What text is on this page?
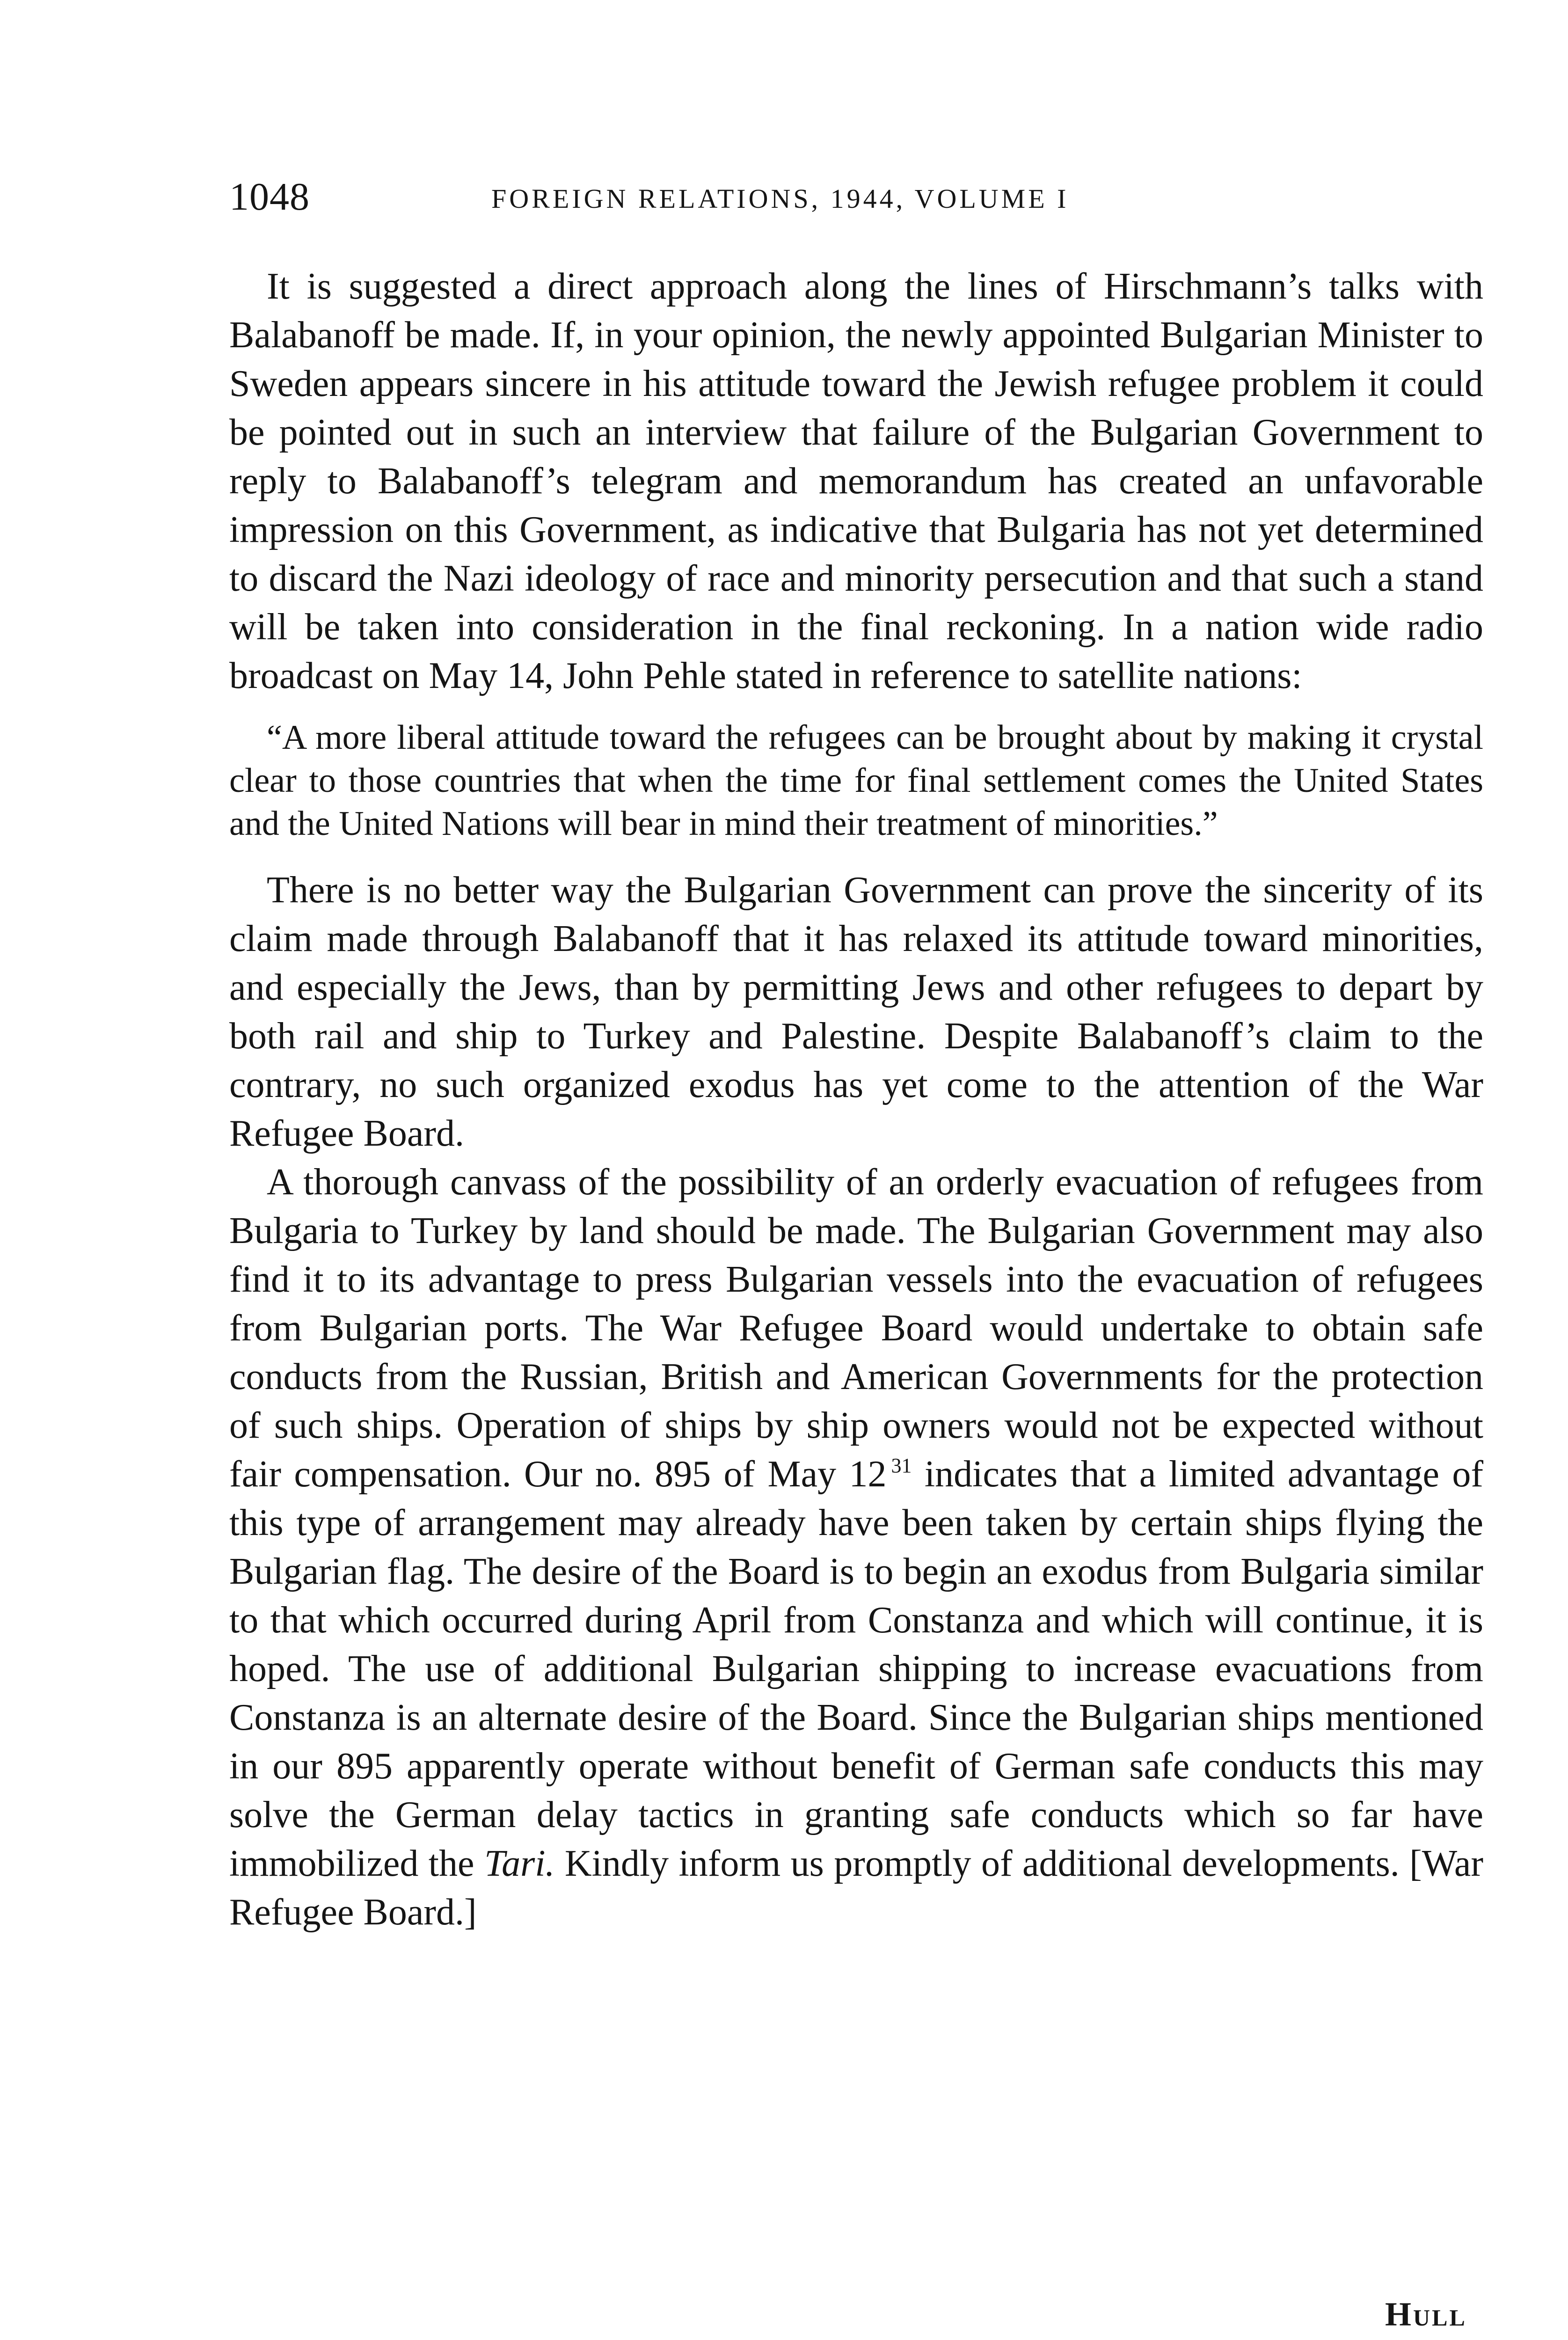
1048	FOREIGN RELATIONS, 1944, VOLUME I

It is suggested a direct approach along the lines of Hirschmann’s talks with Balabanoff be made. If, in your opinion, the newly appointed Bulgarian Minister to Sweden appears sincere in his attitude toward the Jewish refugee problem it could be pointed out in such an interview that failure of the Bulgarian Government to reply to Balabanoff’s telegram and memorandum has created an unfavorable impression on this Government, as indicative that Bulgaria has not yet determined to discard the Nazi ideology of race and minority persecution and that such a stand will be taken into consideration in the final reckoning. In a nation wide radio broadcast on May 14, John Pehle stated in reference to satellite nations:

“A more liberal attitude toward the refugees can be brought about by making it crystal clear to those countries that when the time for final settlement comes the United States and the United Nations will bear in mind their treatment of minorities.”

There is no better way the Bulgarian Government can prove the sincerity of its claim made through Balabanoff that it has relaxed its attitude toward minorities, and especially the Jews, than by permitting Jews and other refugees to depart by both rail and ship to Turkey and Palestine. Despite Balabanoff’s claim to the contrary, no such organized exodus has yet come to the attention of the War Refugee Board.

A thorough canvass of the possibility of an orderly evacuation of refugees from Bulgaria to Turkey by land should be made. The Bulgarian Government may also find it to its advantage to press Bulgarian vessels into the evacuation of refugees from Bulgarian ports. The War Refugee Board would undertake to obtain safe conducts from the Russian, British and American Governments for the protection of such ships. Operation of ships by ship owners would not be expected without fair compensation. Our no. 895 of May 12 $^{31}$ indicates that a limited advantage of this type of arrangement may already have been taken by certain ships flying the Bulgarian flag. The desire of the Board is to begin an exodus from Bulgaria similar to that which occurred during April from Constanza and which will continue, it is hoped. The use of additional Bulgarian shipping to increase evacuations from Constanza is an alternate desire of the Board. Since the Bulgarian ships mentioned in our 895 apparently operate without benefit of German safe conducts this may solve the German delay tactics in granting safe conducts which so far have immobilized the Tari. Kindly inform us promptly of additional developments. [War Refugee Board.]

Hull
